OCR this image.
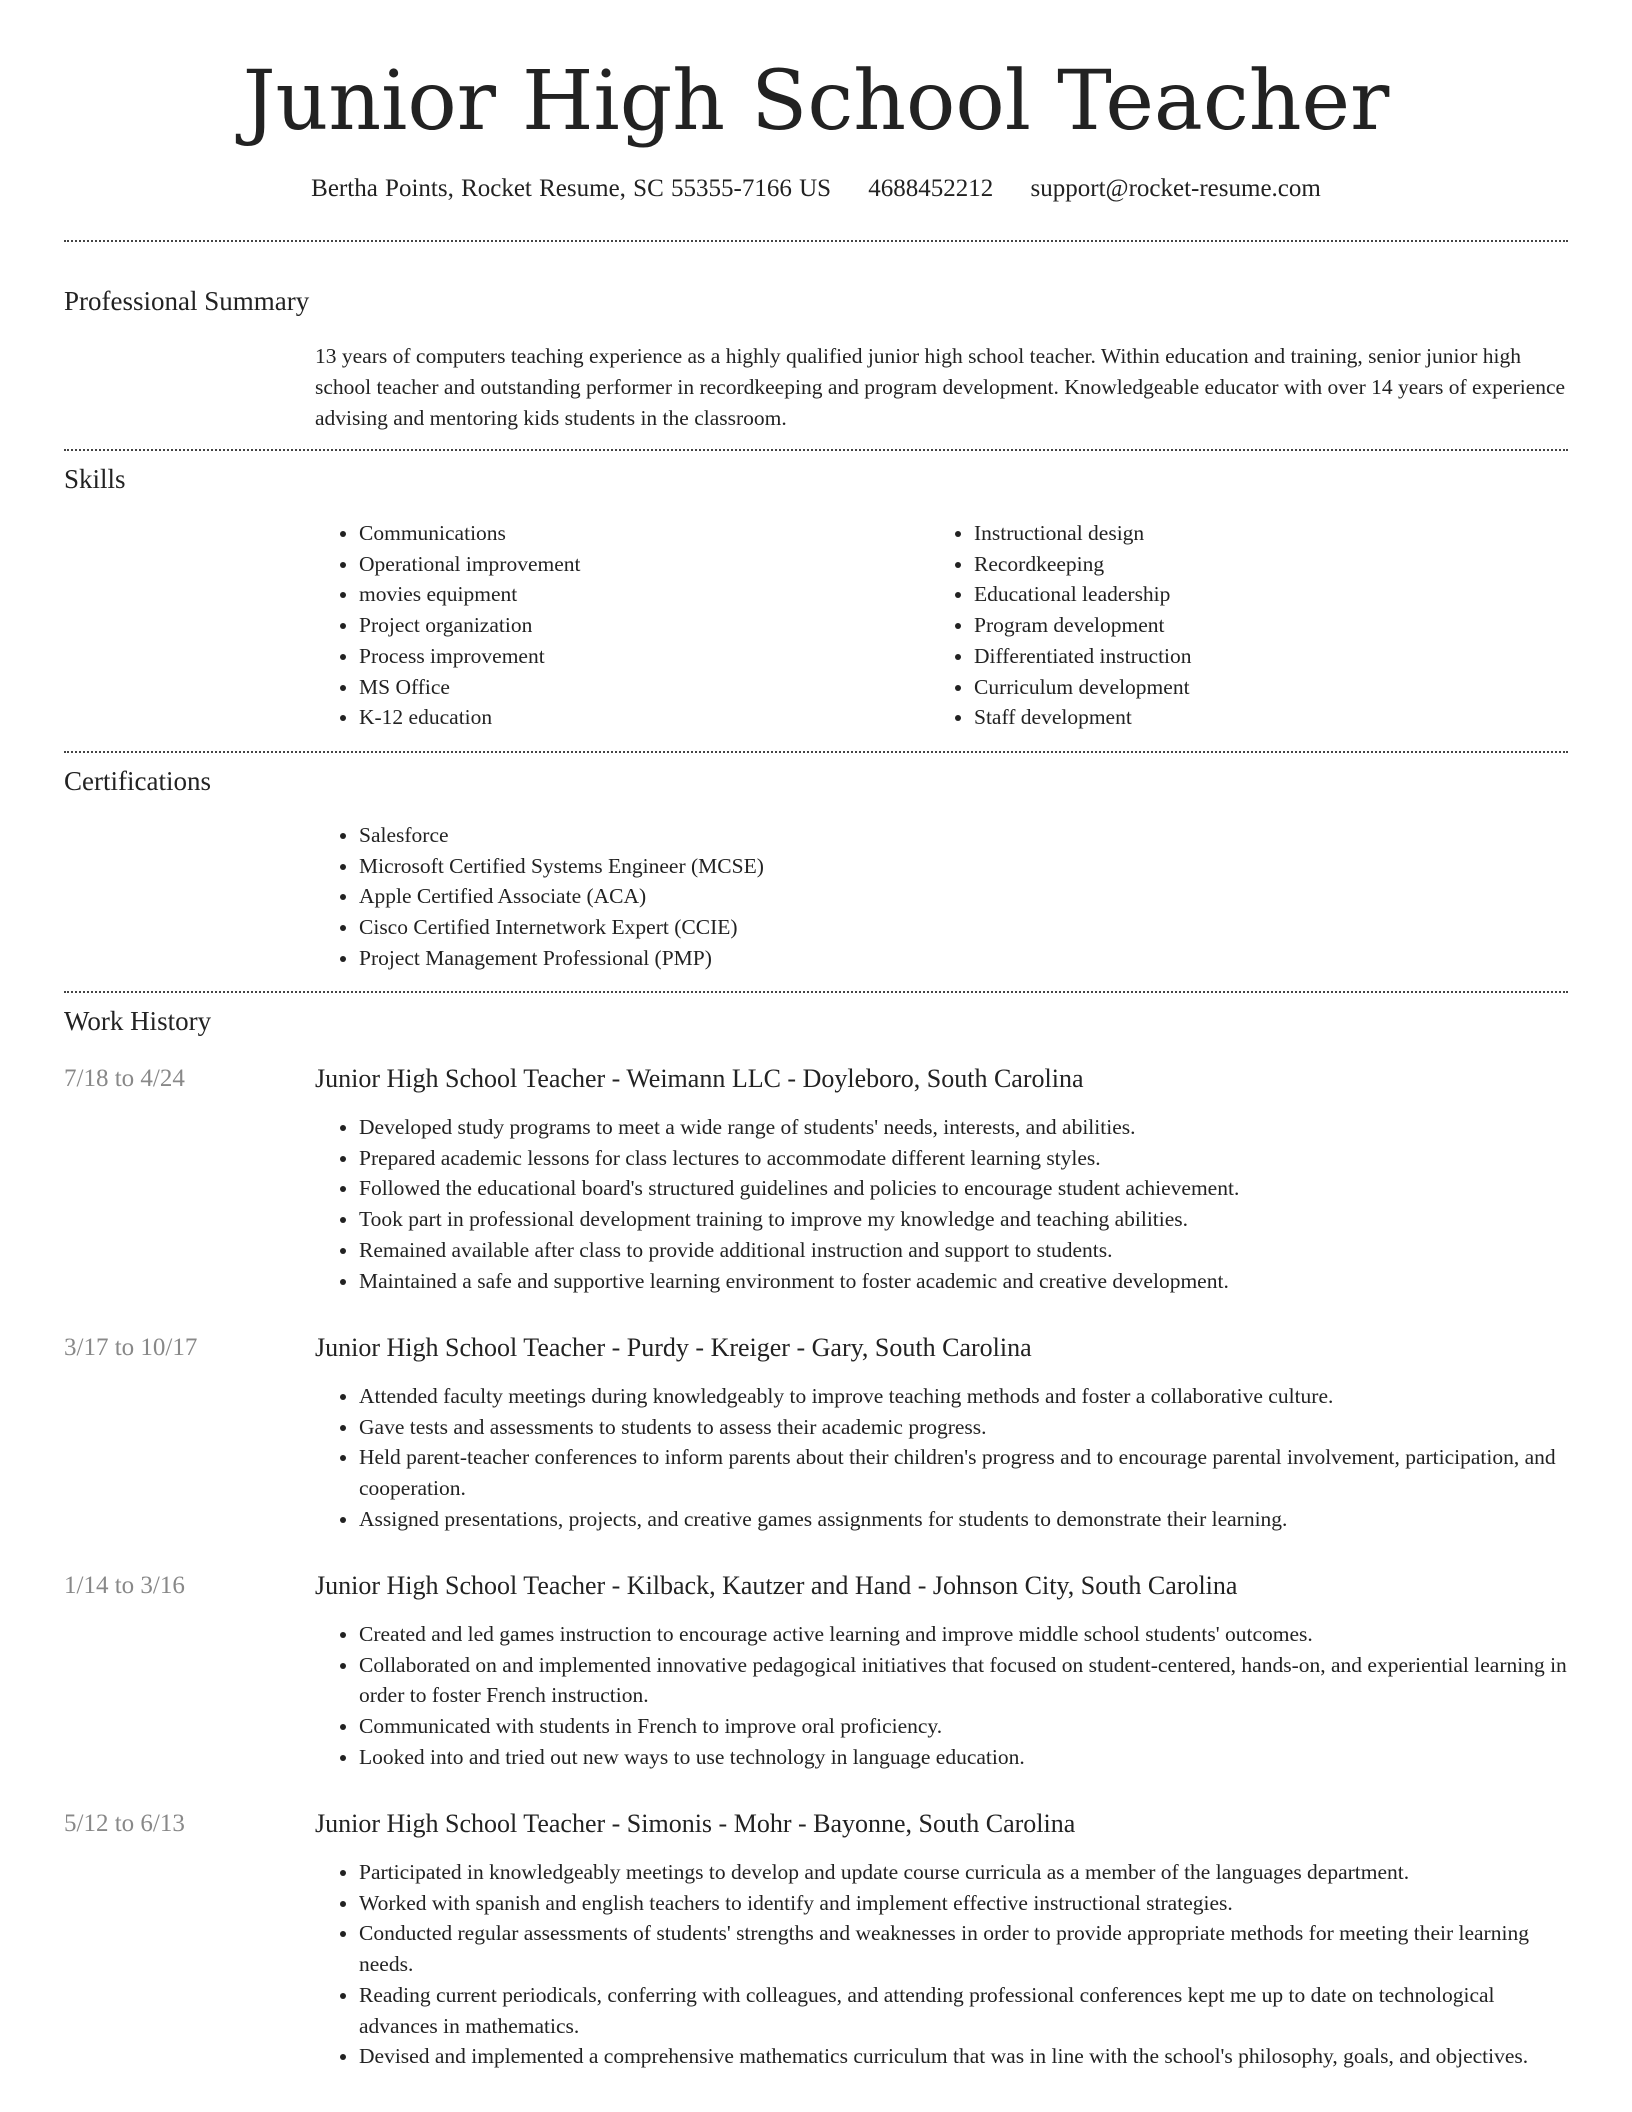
Junior High School Teacher
Bertha Points, Rocket Resume, SC 55355-7166 US 4688452212 support@rocket-resume.com
Professional Summary

13 years of computers teaching experience as a highly qualified junior high school teacher. Within education and training, senior junior high school teacher and outstanding performer in recordkeeping and program development. Knowledgeable educator with over 14 years of experience advising and mentoring kids students in the classroom.

Skills
• Communications
• Operational improvement
• movies equipment
• Project organization
• Process improvement
• MS Office
• K-12 education
• Instructional design
• Recordkeeping
• Educational leadership
• Program development
• Differentiated instruction
• Curriculum development
• Staff development
Certifications
• Salesforce
• Microsoft Certified Systems Engineer (MCSE)
• Apple Certified Associate (ACA)
• Cisco Certified Internetwork Expert (CCIE)
• Project Management Professional (PMP)
Work History
7/18 to 4/24	Junior High School Teacher - Weimann LLC - Doyleboro, South Carolina
• Developed study programs to meet a wide range of students' needs, interests, and abilities.
• Prepared academic lessons for class lectures to accommodate different learning styles.
• Followed the educational board's structured guidelines and policies to encourage student achievement.
• Took part in professional development training to improve my knowledge and teaching abilities.
• Remained available after class to provide additional instruction and support to students.
• Maintained a safe and supportive learning environment to foster academic and creative development.
3/17 to 10/17	Junior High School Teacher - Purdy - Kreiger - Gary, South Carolina
• Attended faculty meetings during knowledgeably to improve teaching methods and foster a collaborative culture.
• Gave tests and assessments to students to assess their academic progress.
• Held parent-teacher conferences to inform parents about their children's progress and to encourage parental involvement, participation, and cooperation.
• Assigned presentations, projects, and creative games assignments for students to demonstrate their learning.
1/14 to 3/16	Junior High School Teacher - Kilback, Kautzer and Hand - Johnson City, South Carolina
• Created and led games instruction to encourage active learning and improve middle school students' outcomes.
• Collaborated on and implemented innovative pedagogical initiatives that focused on student-centered, hands-on, and experiential learning in order to foster French instruction.
• Communicated with students in French to improve oral proficiency.
• Looked into and tried out new ways to use technology in language education.
5/12 to 6/13	Junior High School Teacher - Simonis - Mohr - Bayonne, South Carolina
• Participated in knowledgeably meetings to develop and update course curricula as a member of the languages department.
• Worked with spanish and english teachers to identify and implement effective instructional strategies.
• Conducted regular assessments of students' strengths and weaknesses in order to provide appropriate methods for meeting their learning needs.
• Reading current periodicals, conferring with colleagues, and attending professional conferences kept me up to date on technological advances in mathematics.
• Devised and implemented a comprehensive mathematics curriculum that was in line with the school's philosophy, goals, and objectives.
